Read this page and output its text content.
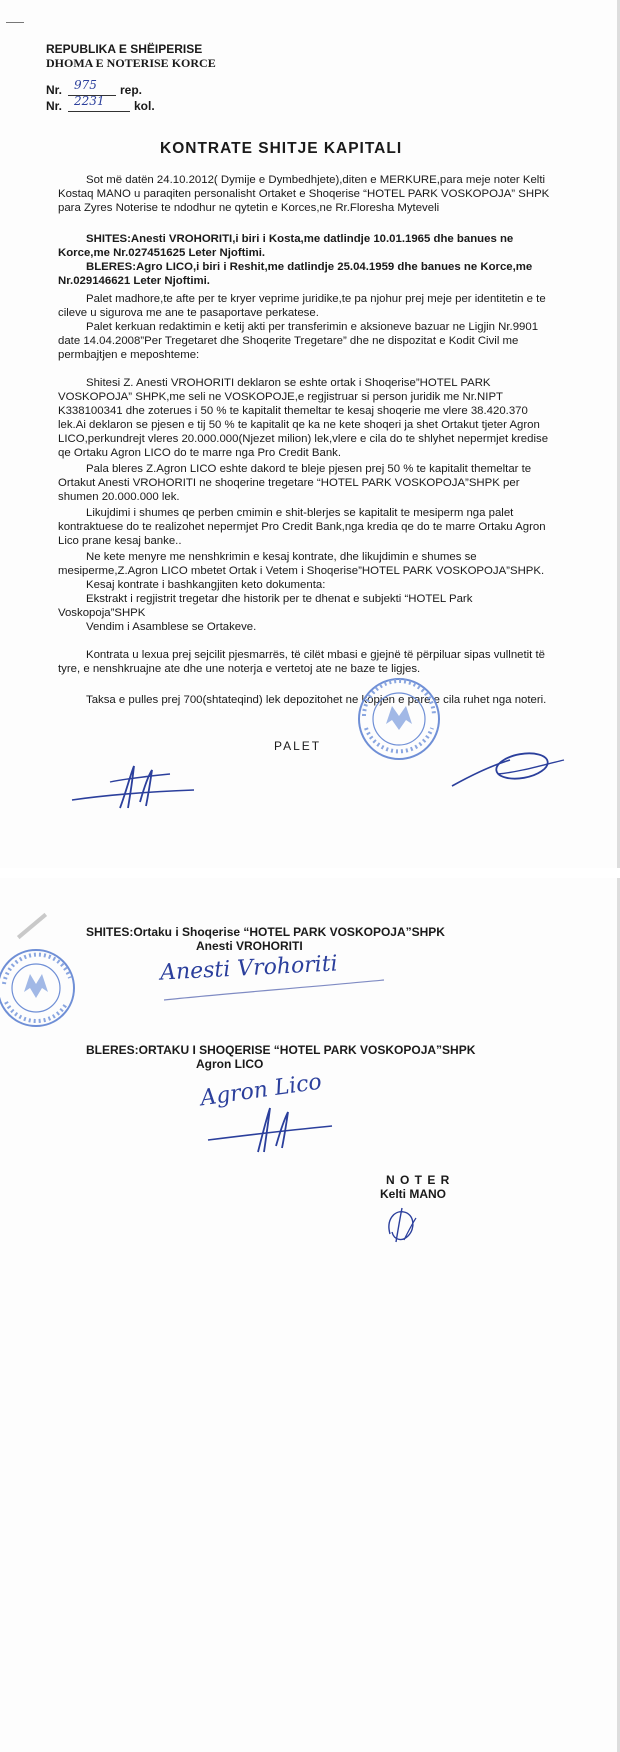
REPUBLIKA E SHËIPERISE
DHOMA E NOTERISE KORCE
Nr. 975 rep.
Nr. 2231 kol.
KONTRATE SHITJE KAPITALI
Sot më datën 24.10.2012( Dymije e Dymbedhjete),diten e MERKURE,para meje noter Kelti
Kostaq MANO u paraqiten personalisht Ortaket e Shoqerise “HOTEL PARK VOSKOPOJA” SHPK
para Zyres Noterise te ndodhur ne qytetin e Korces,ne Rr.Floresha Myteveli
SHITES:Anesti VROHORITI,i biri i Kosta,me datlindje 10.01.1965 dhe banues ne
Korce,me Nr.027451625 Leter Njoftimi.
BLERES:Agro LICO,i biri i Reshit,me datlindje 25.04.1959 dhe banues ne Korce,me
Nr.029146621 Leter Njoftimi.
Palet madhore,te afte per te kryer veprime juridike,te pa njohur prej meje per identitetin e te
cileve u sigurova me ane te pasaportave perkatese.
Palet kerkuan redaktimin e ketij akti per transferimin e aksioneve bazuar ne Ligjin Nr.9901
date 14.04.2008”Per Tregetaret dhe Shoqerite Tregetare” dhe ne dispozitat e Kodit Civil me
permbajtjen e meposhteme:
Shitesi Z. Anesti VROHORITI deklaron se eshte ortak i Shoqerise”HOTEL PARK
VOSKOPOJA” SHPK,me seli ne VOSKOPOJE,e regjistruar si person juridik me Nr.NIPT
K338100341 dhe zoterues i 50 % te kapitalit themeltar te kesaj shoqerie me vlere 38.420.370
lek.Ai deklaron se pjesen e tij 50 % te kapitalit qe ka ne kete shoqeri ja shet Ortakut tjeter Agron
LICO,perkundrejt vleres 20.000.000(Njezet milion) lek,vlere e cila do te shlyhet nepermjet kredise
qe Ortaku Agron LICO do te marre nga Pro Credit Bank.
Pala bleres Z.Agron LICO eshte dakord te bleje pjesen prej 50 % te kapitalit themeltar te
Ortakut Anesti VROHORITI ne shoqerine tregetare “HOTEL PARK VOSKOPOJA”SHPK per
shumen 20.000.000 lek.
Likujdimi i shumes qe perben cmimin e shit-blerjes se kapitalit te mesiperm nga palet
kontraktuese do te realizohet nepermjet Pro Credit Bank,nga kredia qe do te marre Ortaku Agron
Lico prane kesaj banke..
Ne kete menyre me nenshkrimin e kesaj kontrate, dhe likujdimin e shumes se
mesiperme,Z.Agron LICO mbetet Ortak i Vetem i Shoqerise”HOTEL PARK VOSKOPOJA”SHPK.
Kesaj kontrate i bashkangjiten keto dokumenta:
Ekstrakt i regjistrit tregetar dhe historik per te dhenat e subjekti “HOTEL Park
Voskopoja”SHPK
Vendim i Asamblese se Ortakeve.
Kontrata u lexua prej sejcilit pjesmarrës, të cilët mbasi e gjejnë të përpiluar sipas vullnetit të
tyre, e nenshkruajne ate dhe une noterja e vertetoj ate ne baze te ligjes.
Taksa e pulles prej 700(shtateqind) lek depozitohet ne kopjen e pare e cila ruhet nga noteri.
PALET
SHITES:Ortaku i Shoqerise “HOTEL PARK VOSKOPOJA”SHPK
Anesti VROHORITI
Anesti Vrohoriti
BLERES:ORTAKU I SHOQERISE “HOTEL PARK VOSKOPOJA”SHPK
Agron LICO
Agron Lico
N O T E R
Kelti MANO
